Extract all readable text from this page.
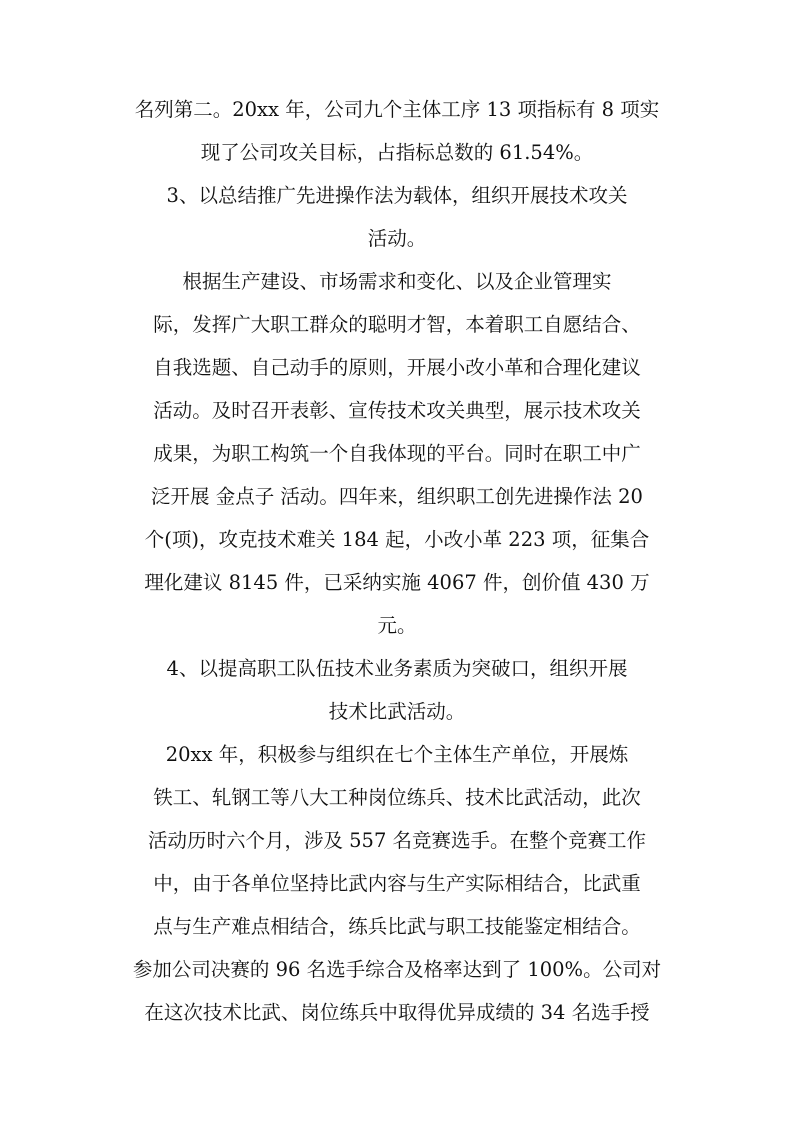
名列第二。20xx 年，公司九个主体工序 13 项指标有 8 项实
现了公司攻关目标，占指标总数的 61.54%。
3、以总结推广先进操作法为载体，组织开展技术攻关
活动。
根据生产建设、市场需求和变化、以及企业管理实
际，发挥广大职工群众的聪明才智，本着职工自愿结合、
自我选题、自己动手的原则，开展小改小革和合理化建议
活动。及时召开表彰、宣传技术攻关典型，展示技术攻关
成果，为职工构筑一个自我体现的平台。同时在职工中广
泛开展 金点子 活动。四年来，组织职工创先进操作法 20
个(项)，攻克技术难关 184 起，小改小革 223 项，征集合
理化建议 8145 件，已采纳实施 4067 件，创价值 430 万
元。
4、以提高职工队伍技术业务素质为突破口，组织开展
技术比武活动。
20xx 年，积极参与组织在七个主体生产单位，开展炼
铁工、轧钢工等八大工种岗位练兵、技术比武活动，此次
活动历时六个月，涉及 557 名竞赛选手。在整个竞赛工作
中，由于各单位坚持比武内容与生产实际相结合，比武重
点与生产难点相结合，练兵比武与职工技能鉴定相结合。
参加公司决赛的 96 名选手综合及格率达到了 100%。公司对
在这次技术比武、岗位练兵中取得优异成绩的 34 名选手授
